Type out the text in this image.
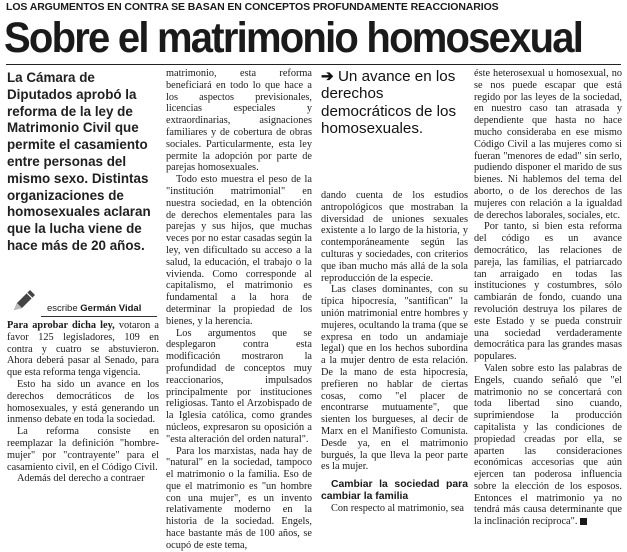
LOS ARGUMENTOS EN CONTRA SE BASAN EN CONCEPTOS PROFUNDAMENTE REACCIONARIOS
Sobre el matrimonio homosexual
La Cámara de Diputados aprobó la reforma de la ley de Matrimonio Civil que permite el casamiento entre personas del mismo sexo. Distintas organizaciones de homosexuales aclaran que la lucha viene de hace más de 20 años.
escribe Germán Vidal

Para aprobar dicha ley, votaron a favor 125 legisladores, 109 en contra y cuatro se abstuvieron. Ahora deberá pasar al Senado, para que esta reforma tenga vigencia.

Esto ha sido un avance en los derechos democráticos de los homosexuales, y está generando un inmenso debate en toda la sociedad.

La reforma consiste en reemplazar la definición "hombre-mujer" por "contrayente" para el casamiento civil, en el Código Civil.

Además del derecho a contraer

matrimonio, esta reforma beneficiará en todo lo que hace a los aspectos previsionales, licencias especiales y extraordinarias, asignaciones familiares y de cobertura de obras sociales. Particularmente, esta ley permite la adopción por parte de parejas homosexuales.

Todo esto muestra el peso de la "institución matrimonial" en nuestra sociedad, en la obtención de derechos elementales para las parejas y sus hijos, que muchas veces por no estar casadas según la ley, ven dificultado su acceso a la salud, la educación, el trabajo o la vivienda. Como corresponde al capitalismo, el matrimonio es fundamental a la hora de determinar la propiedad de los bienes, y la herencia.

Los argumentos que se desplegaron contra esta modificación mostraron la profundidad de conceptos muy reaccionarios, impulsados principalmente por instituciones religiosas. Tanto el Arzobispado de la Iglesia católica, como grandes núcleos, expresaron su oposición a "esta alteración del orden natural".

Para los marxistas, nada hay de "natural" en la sociedad, tampoco el matrimonio o la familia. Eso de que el matrimonio es "un hombre con una mujer", es un invento relativamente moderno en la historia de la sociedad. Engels, hace bastante más de 100 años, se ocupó de este tema,

➔ Un avance en los derechos democráticos de los homosexuales.

dando cuenta de los estudios antropológicos que mostraban la diversidad de uniones sexuales existente a lo largo de la historia, y contemporáneamente según las culturas y sociedades, con criterios que iban mucho más allá de la sola reproducción de la especie.

Las clases dominantes, con su típica hipocresía, "santifican" la unión matrimonial entre hombres y mujeres, ocultando la trama (que se expresa en todo un andamiaje legal) que en los hechos subordina a la mujer dentro de esta relación. De la mano de esta hipocresía, prefieren no hablar de ciertas cosas, como "el placer de encontrarse mutuamente", que sienten los burgueses, al decir de Marx en el Manifiesto Comunista. Desde ya, en el matrimonio burgués, la que lleva la peor parte es la mujer.

Cambiar la sociedad para cambiar la familia

Con respecto al matrimonio, sea

éste heterosexual u homosexual, no se nos puede escapar que está regido por las leyes de la sociedad, en nuestro caso tan atrasada y dependiente que hasta no hace mucho consideraba en ese mismo Código Civil a las mujeres como si fueran "menores de edad" sin serlo, pudiendo disponer el marido de sus bienes. Ni hablemos del tema del aborto, o de los derechos de las mujeres con relación a la igualdad de derechos laborales, sociales, etc.

Por tanto, si bien esta reforma del código es un avance democrático, las relaciones de pareja, las familias, el patriarcado tan arraigado en todas las instituciones y costumbres, sólo cambiarán de fondo, cuando una revolución destruya los pilares de este Estado y se pueda construir una sociedad verdaderamente democrática para las grandes masas populares.

Valen sobre esto las palabras de Engels, cuando señaló que "el matrimonio no se concertará con toda libertad sino cuando, suprimiendose la producción capitalista y las condiciones de propiedad creadas por ella, se aparten las consideraciones económicas accesorias que aún ejercen tan poderosa influencia sobre la elección de los esposos. Entonces el matrimonio ya no tendrá más causa determinante que la inclinación recíproca".
